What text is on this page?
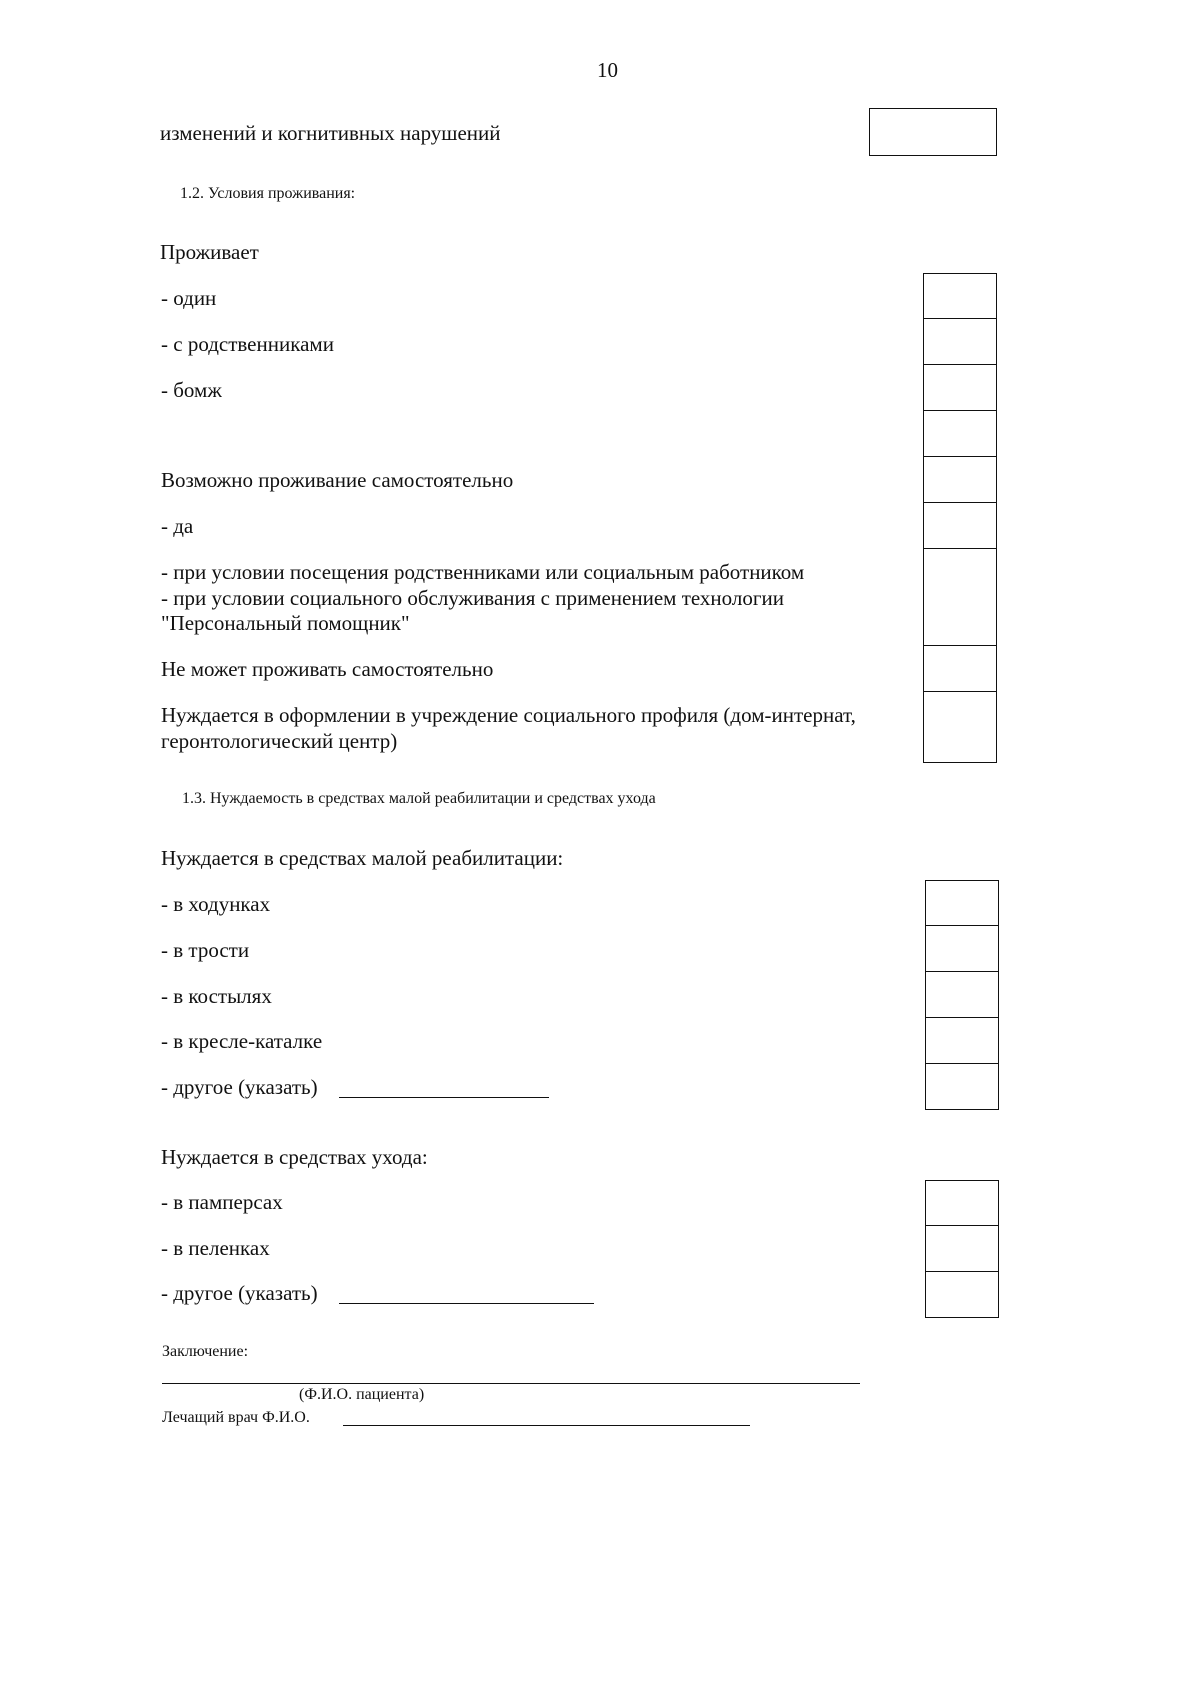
10
изменений и когнитивных нарушений
1.2. Условия проживания:
Проживает
- один
- с родственниками
- бомж
Возможно проживание самостоятельно
- да
- при условии посещения родственниками или социальным работником
- при условии социального обслуживания с применением технологии
"Персональный помощник"
Не может проживать самостоятельно
Нуждается в оформлении в учреждение социального профиля (дом-интернат,
геронтологический центр)
1.3. Нуждаемость в средствах малой реабилитации и средствах ухода
Нуждается в средствах малой реабилитации:
- в ходунках
- в трости
- в костылях
- в кресле-каталке
- другое (указать)
Нуждается в средствах ухода:
- в памперсах
- в пеленках
- другое (указать)
Заключение:
(Ф.И.О. пациента)
Лечащий врач Ф.И.О.
